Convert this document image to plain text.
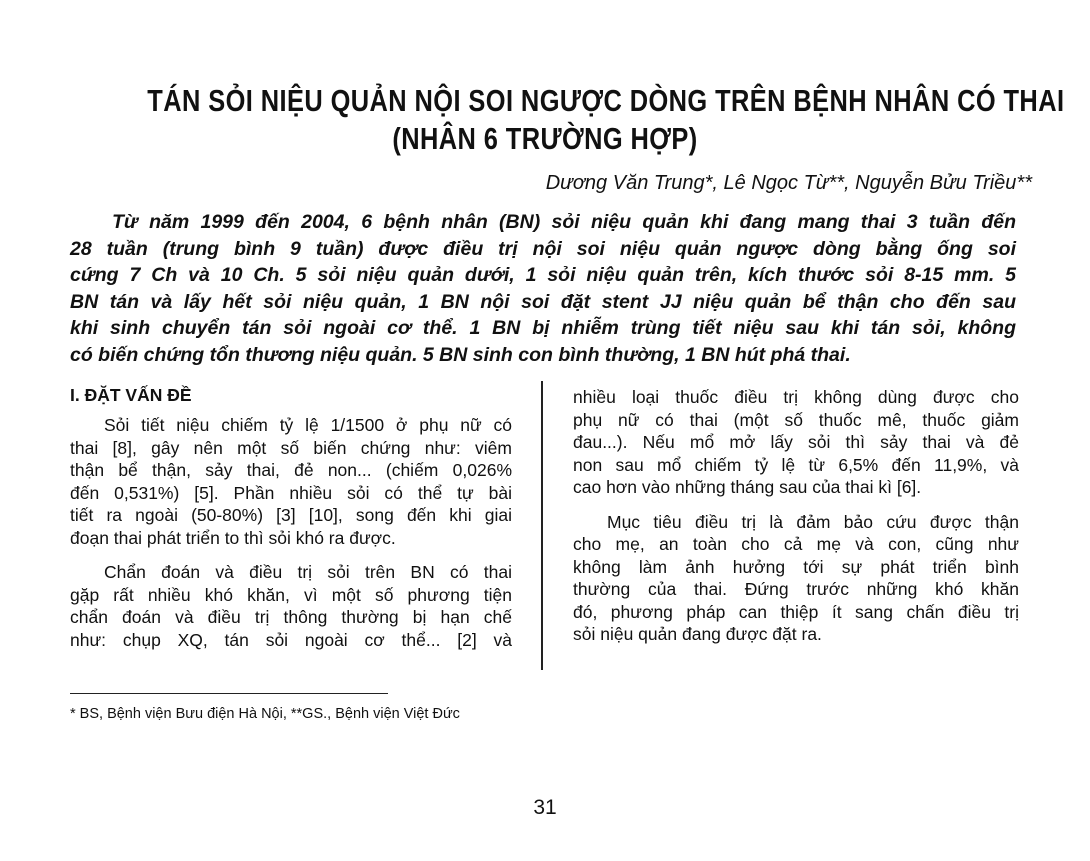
TÁN SỎI NIỆU QUẢN NỘI SOI NGƯỢC DÒNG TRÊN BỆNH NHÂN CÓ THAI
(NHÂN 6 TRƯỜNG HỢP)
Dương Văn Trung*, Lê Ngọc Từ**, Nguyễn Bửu Triều**
Từ năm 1999 đến 2004, 6 bệnh nhân (BN) sỏi niệu quản khi đang mang thai 3 tuần đến
28 tuần (trung bình 9 tuần) được điều trị nội soi niệu quản ngược dòng bằng ống soi
cứng 7 Ch và 10 Ch. 5 sỏi niệu quản dưới, 1 sỏi niệu quản trên, kích thước sỏi 8-15 mm. 5
BN tán và lấy hết sỏi niệu quản, 1 BN nội soi đặt stent JJ niệu quản bể thận cho đến sau
khi sinh chuyển tán sỏi ngoài cơ thể. 1 BN bị nhiễm trùng tiết niệu sau khi tán sỏi, không
có biến chứng tổn thương niệu quản. 5 BN sinh con bình thường, 1 BN hút phá thai.
I. ĐẶT VẤN ĐỀ
Sỏi tiết niệu chiếm tỷ lệ 1/1500 ở phụ nữ có
thai [8], gây nên một số biến chứng như: viêm
thận bể thận, sảy thai, đẻ non... (chiếm 0,026%
đến 0,531%) [5]. Phần nhiều sỏi có thể tự bài
tiết ra ngoài (50-80%) [3] [10], song đến khi giai
đoạn thai phát triển to thì sỏi khó ra được.
Chẩn đoán và điều trị sỏi trên BN có thai
gặp rất nhiều khó khăn, vì một số phương tiện
chẩn đoán và điều trị thông thường bị hạn chế
như: chụp XQ, tán sỏi ngoài cơ thể... [2] và
nhiều loại thuốc điều trị không dùng được cho
phụ nữ có thai (một số thuốc mê, thuốc giảm
đau...). Nếu mổ mở lấy sỏi thì sảy thai và đẻ
non sau mổ chiếm tỷ lệ từ 6,5% đến 11,9%, và
cao hơn vào những tháng sau của thai kì [6].
Mục tiêu điều trị là đảm bảo cứu được thận
cho mẹ, an toàn cho cả mẹ và con, cũng như
không làm ảnh hưởng tới sự phát triển bình
thường của thai. Đứng trước những khó khăn
đó, phương pháp can thiệp ít sang chấn điều trị
sỏi niệu quản đang được đặt ra.
* BS, Bệnh viện Bưu điện Hà Nội, **GS., Bệnh viện Việt Đức
31
